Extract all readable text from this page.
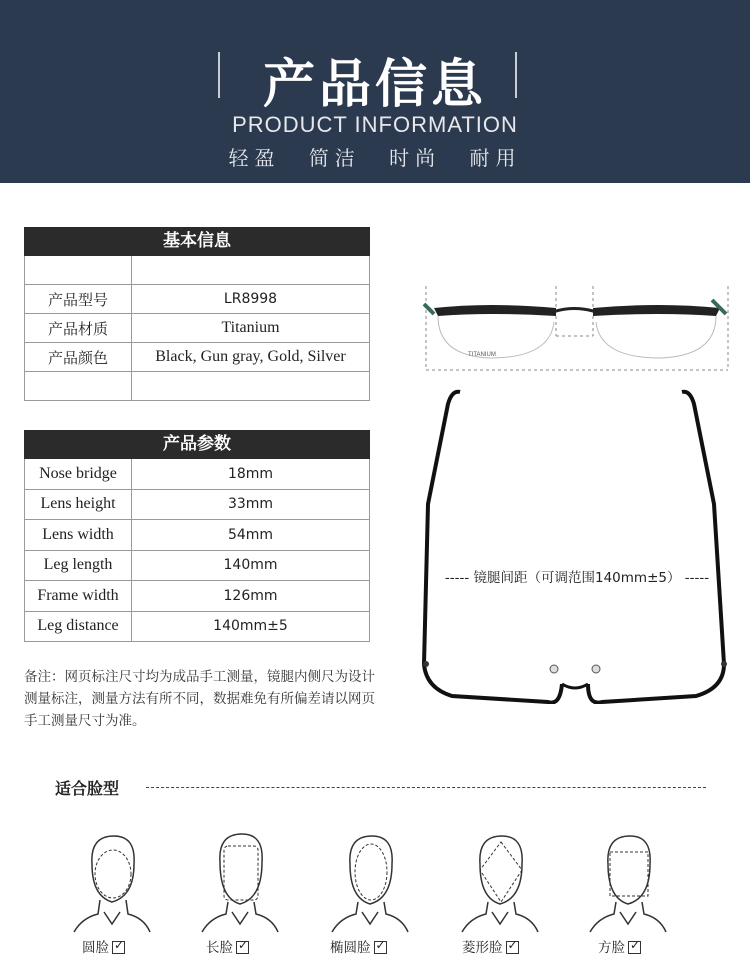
产品信息
PRODUCT INFORMATION
轻盈 简洁 时尚 耐用
基本信息
产品型号	LR8998
产品材质	Titanium
产品颜色	Black, Gun gray, Gold, Silver
产品参数
Nose bridge	18mm
Lens height	33mm
Lens width	54mm
Leg length	140mm
Frame width	126mm
Leg distance	140mm±5
备注：网页标注尺寸均为成品手工测量，镜腿内侧尺为设计测量标注，测量方法有所不同，数据难免有所偏差请以网页手工测量尺寸为准。
TITANIUM
----- 镜腿间距（可调范围140mm±5） -----
适合脸型
圆脸 ✓	长脸 ✓	椭圆脸 ✓	菱形脸 ✓	方脸✓
